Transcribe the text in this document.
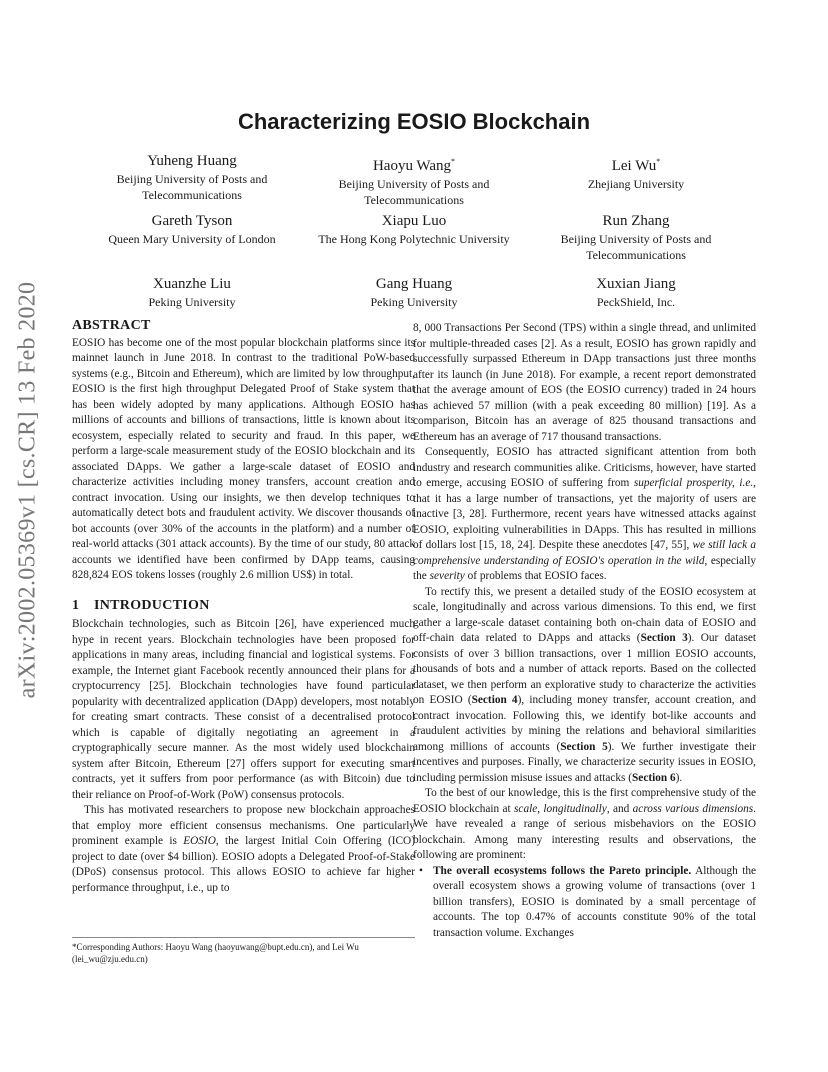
arXiv:2002.05369v1 [cs.CR] 13 Feb 2020
Characterizing EOSIO Blockchain
Yuheng Huang
Beijing University of Posts and Telecommunications
Haoyu Wang*
Beijing University of Posts and Telecommunications
Lei Wu*
Zhejiang University
Gareth Tyson
Queen Mary University of London
Xiapu Luo
The Hong Kong Polytechnic University
Run Zhang
Beijing University of Posts and Telecommunications
Xuanzhe Liu
Peking University
Gang Huang
Peking University
Xuxian Jiang
PeckShield, Inc.
ABSTRACT

EOSIO has become one of the most popular blockchain platforms since its mainnet launch in June 2018. In contrast to the traditional PoW-based systems (e.g., Bitcoin and Ethereum), which are limited by low throughput, EOSIO is the first high throughput Delegated Proof of Stake system that has been widely adopted by many applications. Although EOSIO has millions of accounts and billions of transactions, little is known about its ecosystem, especially related to security and fraud. In this paper, we perform a large-scale measurement study of the EOSIO blockchain and its associated DApps. We gather a large-scale dataset of EOSIO and characterize activities including money transfers, account creation and contract invocation. Using our insights, we then develop techniques to automatically detect bots and fraudulent activity. We discover thousands of bot accounts (over 30% of the accounts in the platform) and a number of real-world attacks (301 attack accounts). By the time of our study, 80 attack accounts we identified have been confirmed by DApp teams, causing 828,824 EOS tokens losses (roughly 2.6 million US$) in total.

1 INTRODUCTION

Blockchain technologies, such as Bitcoin [26], have experienced much hype in recent years. Blockchain technologies have been proposed for applications in many areas, including financial and logistical systems. For example, the Internet giant Facebook recently announced their plans for a cryptocurrency [25]. Blockchain technologies have found particular popularity with decentralized application (DApp) developers, most notably for creating smart contracts. These consist of a decentralised protocol which is capable of digitally negotiating an agreement in a cryptographically secure manner. As the most widely used blockchain system after Bitcoin, Ethereum [27] offers support for executing smart contracts, yet it suffers from poor performance (as with Bitcoin) due to their reliance on Proof-of-Work (PoW) consensus protocols.

This has motivated researchers to propose new blockchain approaches that employ more efficient consensus mechanisms. One particularly prominent example is EOSIO, the largest Initial Coin Offering (ICO) project to date (over $4 billion). EOSIO adopts a Delegated Proof-of-Stake (DPoS) consensus protocol. This allows EOSIO to achieve far higher performance throughput, i.e., up to

*Corresponding Authors: Haoyu Wang (haoyuwang@bupt.edu.cn), and Lei Wu (lei_wu@zju.edu.cn)

8, 000 Transactions Per Second (TPS) within a single thread, and unlimited for multiple-threaded cases [2]. As a result, EOSIO has grown rapidly and successfully surpassed Ethereum in DApp transactions just three months after its launch (in June 2018). For example, a recent report demonstrated that the average amount of EOS (the EOSIO currency) traded in 24 hours has achieved 57 million (with a peak exceeding 80 million) [19]. As a comparison, Bitcoin has an average of 825 thousand transactions and Ethereum has an average of 717 thousand transactions.

Consequently, EOSIO has attracted significant attention from both industry and research communities alike. Criticisms, however, have started to emerge, accusing EOSIO of suffering from superficial prosperity, i.e., that it has a large number of transactions, yet the majority of users are inactive [3, 28]. Furthermore, recent years have witnessed attacks against EOSIO, exploiting vulnerabilities in DApps. This has resulted in millions of dollars lost [15, 18, 24]. Despite these anecdotes [47, 55], we still lack a comprehensive understanding of EOSIO's operation in the wild, especially the severity of problems that EOSIO faces.

To rectify this, we present a detailed study of the EOSIO ecosystem at scale, longitudinally and across various dimensions. To this end, we first gather a large-scale dataset containing both on-chain data of EOSIO and off-chain data related to DApps and attacks (Section 3). Our dataset consists of over 3 billion transactions, over 1 million EOSIO accounts, thousands of bots and a number of attack reports. Based on the collected dataset, we then perform an explorative study to characterize the activities on EOSIO (Section 4), including money transfer, account creation, and contract invocation. Following this, we identify bot-like accounts and fraudulent activities by mining the relations and behavioral similarities among millions of accounts (Section 5). We further investigate their incentives and purposes. Finally, we characterize security issues in EOSIO, including permission misuse issues and attacks (Section 6).

To the best of our knowledge, this is the first comprehensive study of the EOSIO blockchain at scale, longitudinally, and across various dimensions. We have revealed a range of serious misbehaviors on the EOSIO blockchain. Among many interesting results and observations, the following are prominent:

• The overall ecosystems follows the Pareto principle. Although the overall ecosystem shows a growing volume of transactions (over 1 billion transfers), EOSIO is dominated by a small percentage of accounts. The top 0.47% of accounts constitute 90% of the total transaction volume. Exchanges
